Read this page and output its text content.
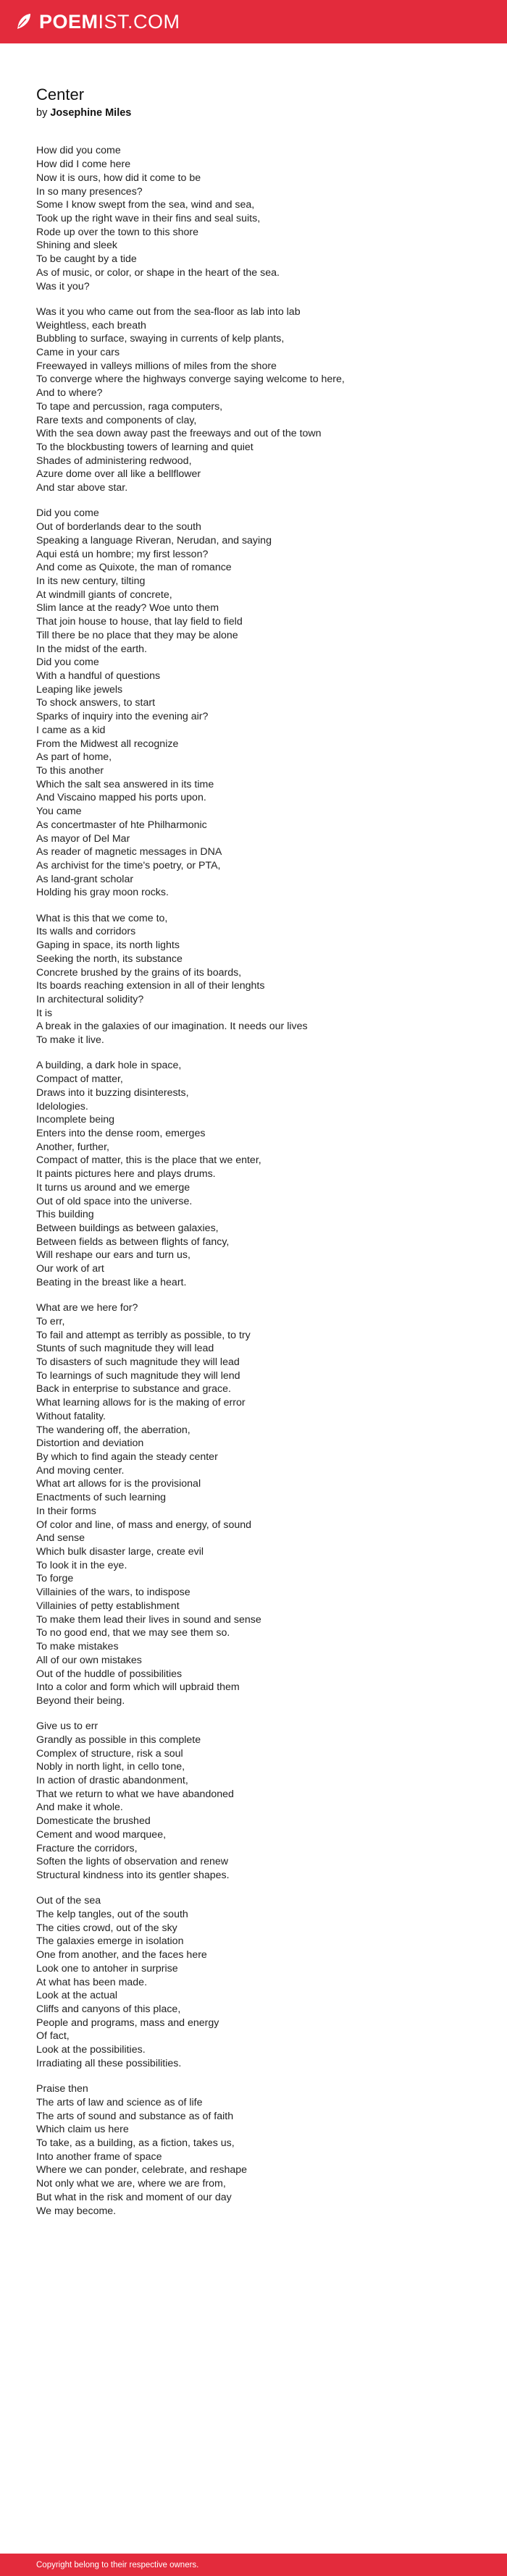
POEMIST.COM
Center
by Josephine Miles
How did you come
How did I come here
Now it is ours, how did it come to be
In so many presences?
Some I know swept from the sea, wind and sea,
Took up the right wave in their fins and seal suits,
Rode up over the town to this shore
Shining and sleek
To be caught by a tide
As of music, or color, or shape in the heart of the sea.
Was it you?
Was it you who came out from the sea-floor as lab into lab
Weightless, each breath
Bubbling to surface, swaying in currents of kelp plants,
Came in your cars
Freewayed in valleys millions of miles from the shore
To converge where the highways converge saying welcome to here,
And to where?
To tape and percussion, raga computers,
Rare texts and components of clay,
With the sea down away past the freeways and out of the town
To the blockbusting towers of learning and quiet
Shades of administering redwood,
Azure dome over all like a bellflower
And star above star.
Did you come
Out of borderlands dear to the south
Speaking a language Riveran, Nerudan, and saying
Aqui está un hombre; my first lesson?
And come as Quixote, the man of romance
In its new century, tilting
At windmill giants of concrete,
Slim lance at the ready? Woe unto them
That join house to house, that lay field to field
Till there be no place that they may be alone
In the midst of the earth.
Did you come
With a handful of questions
Leaping like jewels
To shock answers, to start
Sparks of inquiry into the evening air?
I came as a kid
From the Midwest all recognize
As part of home,
To this another
Which the salt sea answered in its time
And Viscaino mapped his ports upon.
You came
As concertmaster of hte Philharmonic
As mayor of Del Mar
As reader of magnetic messages in DNA
As archivist for the time's poetry, or PTA,
As land-grant scholar
Holding his gray moon rocks.
What is this that we come to,
Its walls and corridors
Gaping in space, its north lights
Seeking the north, its substance
Concrete brushed by the grains of its boards,
Its boards reaching extension in all of their lenghts
In architectural solidity?
It is
A break in the galaxies of our imagination. It needs our lives
To make it live.
A building, a dark hole in space,
Compact of matter,
Draws into it buzzing disinterests,
Idelologies.
Incomplete being
Enters into the dense room, emerges
Another, further,
Compact of matter, this is the place that we enter,
It paints pictures here and plays drums.
It turns us around and we emerge
Out of old space into the universe.
This building
Between buildings as between galaxies,
Between fields as between flights of fancy,
Will reshape our ears and turn us,
Our work of art
Beating in the breast like a heart.
What are we here for?
To err,
To fail and attempt as terribly as possible, to try
Stunts of such magnitude they will lead
To disasters of such magnitude they will lead
To learnings of such magnitude they will lend
Back in enterprise to substance and grace.
What learning allows for is the making of error
Without fatality.
The wandering off, the aberration,
Distortion and deviation
By which to find again the steady center
And moving center.
What art allows for is the provisional
Enactments of such learning
In their forms
Of color and line, of mass and energy, of sound
And sense
Which bulk disaster large, create evil
To look it in the eye.
To forge
Villainies of the wars, to indispose
Villainies of petty establishment
To make them lead their lives in sound and sense
To no good end, that we may see them so.
To make mistakes
All of our own mistakes
Out of the huddle of possibilities
Into a color and form which will upbraid them
Beyond their being.
Give us to err
Grandly as possible in this complete
Complex of structure, risk a soul
Nobly in north light, in cello tone,
In action of drastic abandonment,
That we return to what we have abandoned
And make it whole.
Domesticate the brushed
Cement and wood marquee,
Fracture the corridors,
Soften the lights of observation and renew
Structural kindness into its gentler shapes.
Out of the sea
The kelp tangles, out of the south
The cities crowd, out of the sky
The galaxies emerge in isolation
One from another, and the faces here
Look one to antoher in surprise
At what has been made.
Look at the actual
Cliffs and canyons of this place,
People and programs, mass and energy
Of fact,
Look at the possibilities.
Irradiating all these possibilities.
Praise then
The arts of law and science as of life
The arts of sound and substance as of faith
Which claim us here
To take, as a building, as a fiction, takes us,
Into another frame of space
Where we can ponder, celebrate, and reshape
Not only what we are, where we are from,
But what in the risk and moment of our day
We may become.
Copyright belong to their respective owners.
